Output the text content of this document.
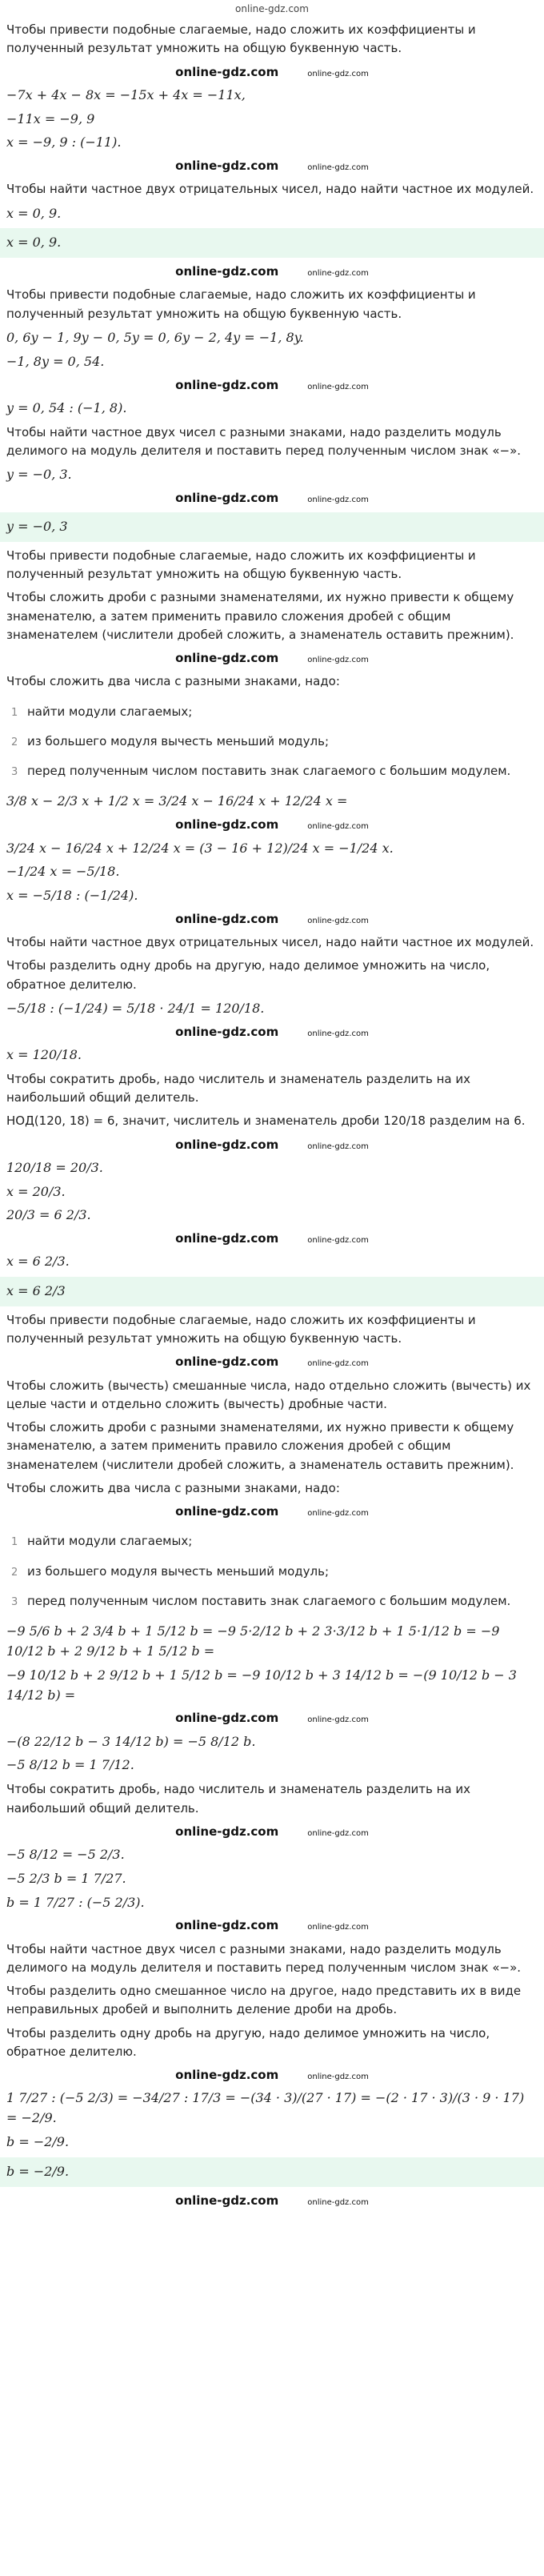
online-gdz.com
Чтобы привести подобные слагаемые, надо сложить их коэффициенты и полученный результат умножить на общую буквенную часть.
online-gdz.com	online-gdz.com
−7x + 4x − 8x = −15x + 4x = −11x,
−11x = −9, 9
x = −9, 9 : (−11).
online-gdz.com	online-gdz.com
Чтобы найти частное двух отрицательных чисел, надо найти частное их модулей.
x = 0, 9.
x = 0, 9.
online-gdz.com	online-gdz.com
Чтобы привести подобные слагаемые, надо сложить их коэффициенты и полученный результат умножить на общую буквенную часть.
0, 6y − 1, 9y − 0, 5y = 0, 6y − 2, 4y = −1, 8y.
−1, 8y = 0, 54.
online-gdz.com	online-gdz.com
y = 0, 54 : (−1, 8).
Чтобы найти частное двух чисел с разными знаками, надо разделить модуль делимого на модуль делителя и поставить перед полученным числом знак «−».
y = −0, 3.
online-gdz.com	online-gdz.com
y = −0, 3
Чтобы привести подобные слагаемые, надо сложить их коэффициенты и полученный результат умножить на общую буквенную часть.
Чтобы сложить дроби с разными знаменателями, их нужно привести к общему знаменателю, а затем применить правило сложения дробей с общим знаменателем (числители дробей сложить, а знаменатель оставить прежним).
online-gdz.com	online-gdz.com
Чтобы сложить два числа с разными знаками, надо:
1 найти модули слагаемых;
2 из большего модуля вычесть меньший модуль;
3 перед полученным числом поставить знак слагаемого с большим модулем.
3/8 x − 2/3 x + 1/2 x = 3/24 x − 16/24 x + 12/24 x =
online-gdz.com	online-gdz.com
3/24 x − 16/24 x + 12/24 x = (3 − 16 + 12)/24 x = −1/24 x.
−1/24 x = −5/18.
x = −5/18 : (−1/24).
online-gdz.com	online-gdz.com
Чтобы найти частное двух отрицательных чисел, надо найти частное их модулей.
Чтобы разделить одну дробь на другую, надо делимое умножить на число, обратное делителю.
−5/18 : (−1/24) = 5/18 · 24/1 = 120/18.
online-gdz.com	online-gdz.com
x = 120/18.
Чтобы сократить дробь, надо числитель и знаменатель разделить на их наибольший общий делитель.
НОД(120, 18) = 6, значит, числитель и знаменатель дроби 120/18 разделим на 6.
online-gdz.com	online-gdz.com
120/18 = 20/3.
x = 20/3.
20/3 = 6 2/3.
online-gdz.com	online-gdz.com
x = 6 2/3.
x = 6 2/3
Чтобы привести подобные слагаемые, надо сложить их коэффициенты и полученный результат умножить на общую буквенную часть.
online-gdz.com	online-gdz.com
Чтобы сложить (вычесть) смешанные числа, надо отдельно сложить (вычесть) их целые части и отдельно сложить (вычесть) дробные части.
Чтобы сложить дроби с разными знаменателями, их нужно привести к общему знаменателю, а затем применить правило сложения дробей с общим знаменателем (числители дробей сложить, а знаменатель оставить прежним).
Чтобы сложить два числа с разными знаками, надо:
online-gdz.com	online-gdz.com
1 найти модули слагаемых;
2 из большего модуля вычесть меньший модуль;
3 перед полученным числом поставить знак слагаемого с большим модулем.
−9 5/6 b + 2 3/4 b + 1 5/12 b = −9 5·2/12 b + 2 3·3/12 b + 1 5·1/12 b = −9 10/12 b + 2 9/12 b + 1 5/12 b =
−9 10/12 b + 2 9/12 b + 1 5/12 b = −9 10/12 b + 3 14/12 b = −(9 10/12 b − 3 14/12 b) =
online-gdz.com	online-gdz.com
−(8 22/12 b − 3 14/12 b) = −5 8/12 b.
−5 8/12 b = 1 7/12.
Чтобы сократить дробь, надо числитель и знаменатель разделить на их наибольший общий делитель.
online-gdz.com	online-gdz.com
−5 8/12 = −5 2/3.
−5 2/3 b = 1 7/27.
b = 1 7/27 : (−5 2/3).
online-gdz.com	online-gdz.com
Чтобы найти частное двух чисел с разными знаками, надо разделить модуль делимого на модуль делителя и поставить перед полученным числом знак «−».
Чтобы разделить одно смешанное число на другое, надо представить их в виде неправильных дробей и выполнить деление дроби на дробь.
Чтобы разделить одну дробь на другую, надо делимое умножить на число, обратное делителю.
online-gdz.com	online-gdz.com
1 7/27 : (−5 2/3) = −34/27 : 17/3 = −(34 · 3)/(27 · 17) = −(2 · 17 · 3)/(3 · 9 · 17) = −2/9.
b = −2/9.
b = −2/9.
online-gdz.com	online-gdz.com
